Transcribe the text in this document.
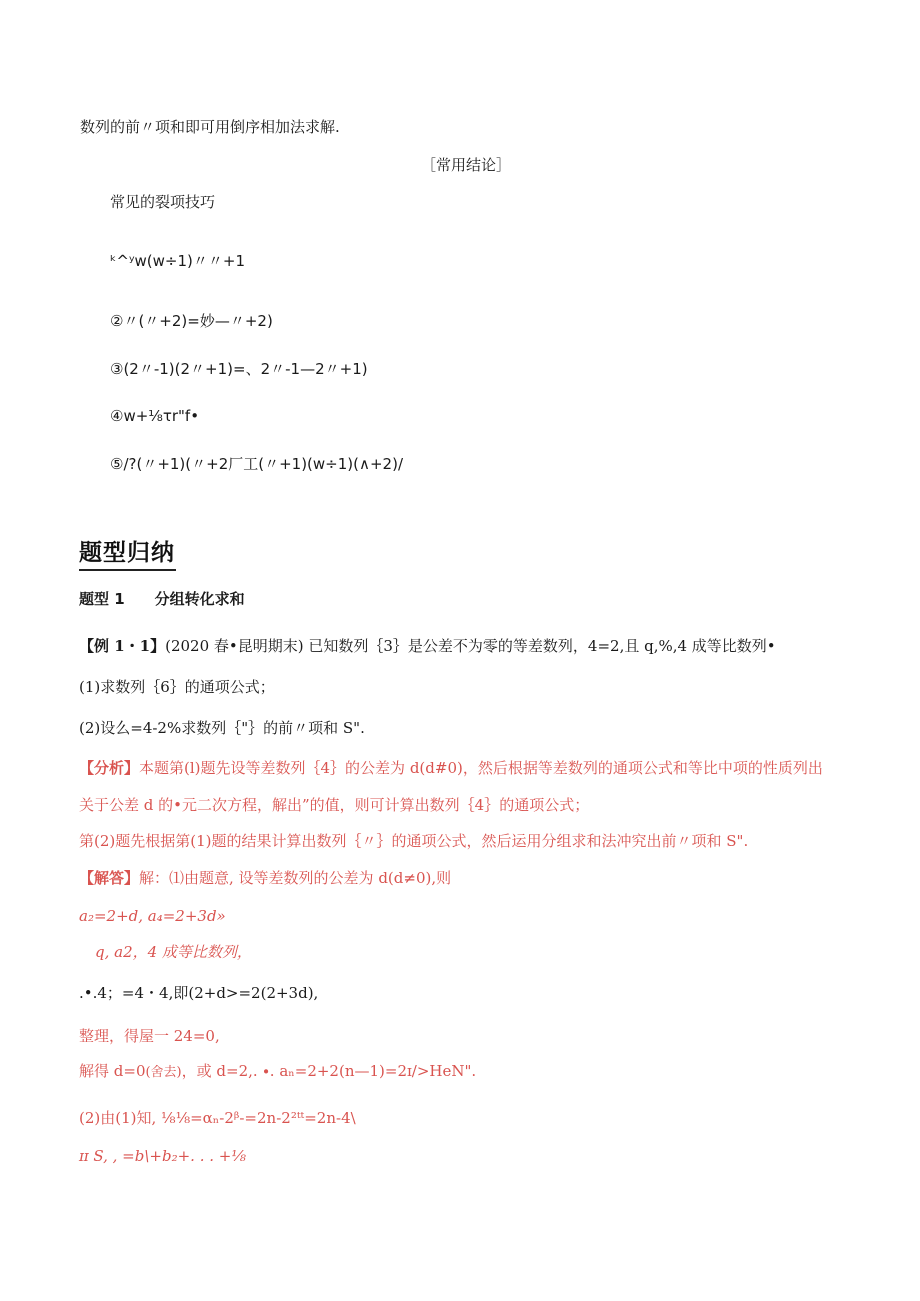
数列的前〃项和即可用倒序相加法求解.
［常用结论］
常见的裂项技巧
ᵏ^ʸw(w÷1)〃〃+1
②〃(〃+2)=妙—〃+2)
③(2〃-1)(2〃+1)=、2〃-1—2〃+1)
④w+⅛τr"f•
⑤/?(〃+1)(〃+2厂工(〃+1)(w÷1)(∧+2)/
题型归纳
题型 1　　分组转化求和
【例 1・1】(2020 春•昆明期末) 已知数列｛3｝是公差不为零的等差数列，4=2,且 q,%,4 成等比数列•
(1)求数列｛6｝的通项公式；
(2)设么=4-2%求数列｛"｝的前〃项和 S".
【分析】本题第(l)题先设等差数列｛4｝的公差为 d(d#0)，然后根据等差数列的通项公式和等比中项的性质列出
关于公差 d 的•元二次方程，解出”的值，则可计算出数列｛4｝的通项公式；
第(2)题先根据第(1)题的结果计算出数列｛〃｝的通项公式，然后运用分组求和法冲究出前〃项和 S".
【解答】解：⑴由题意, 设等差数列的公差为 d(d≠0),则
a₂=2+d, a₄=2+3d»
q, a2，4 成等比数列，
.•.4；=4・4,即(2+d>=2(2+3d),
整理，得屋一 24=0,
解得 d=0(舍去)，或 d=2,. ∙. aₙ=2+2(n—1)=2ɪ/>HeN".
(2)由(1)知, ⅛⅛=αₙ-2ᵝ-=2n-2²ᵗᵗ=2n-4\
ɪɪ S, , =b\+b₂+. . . +⅛
